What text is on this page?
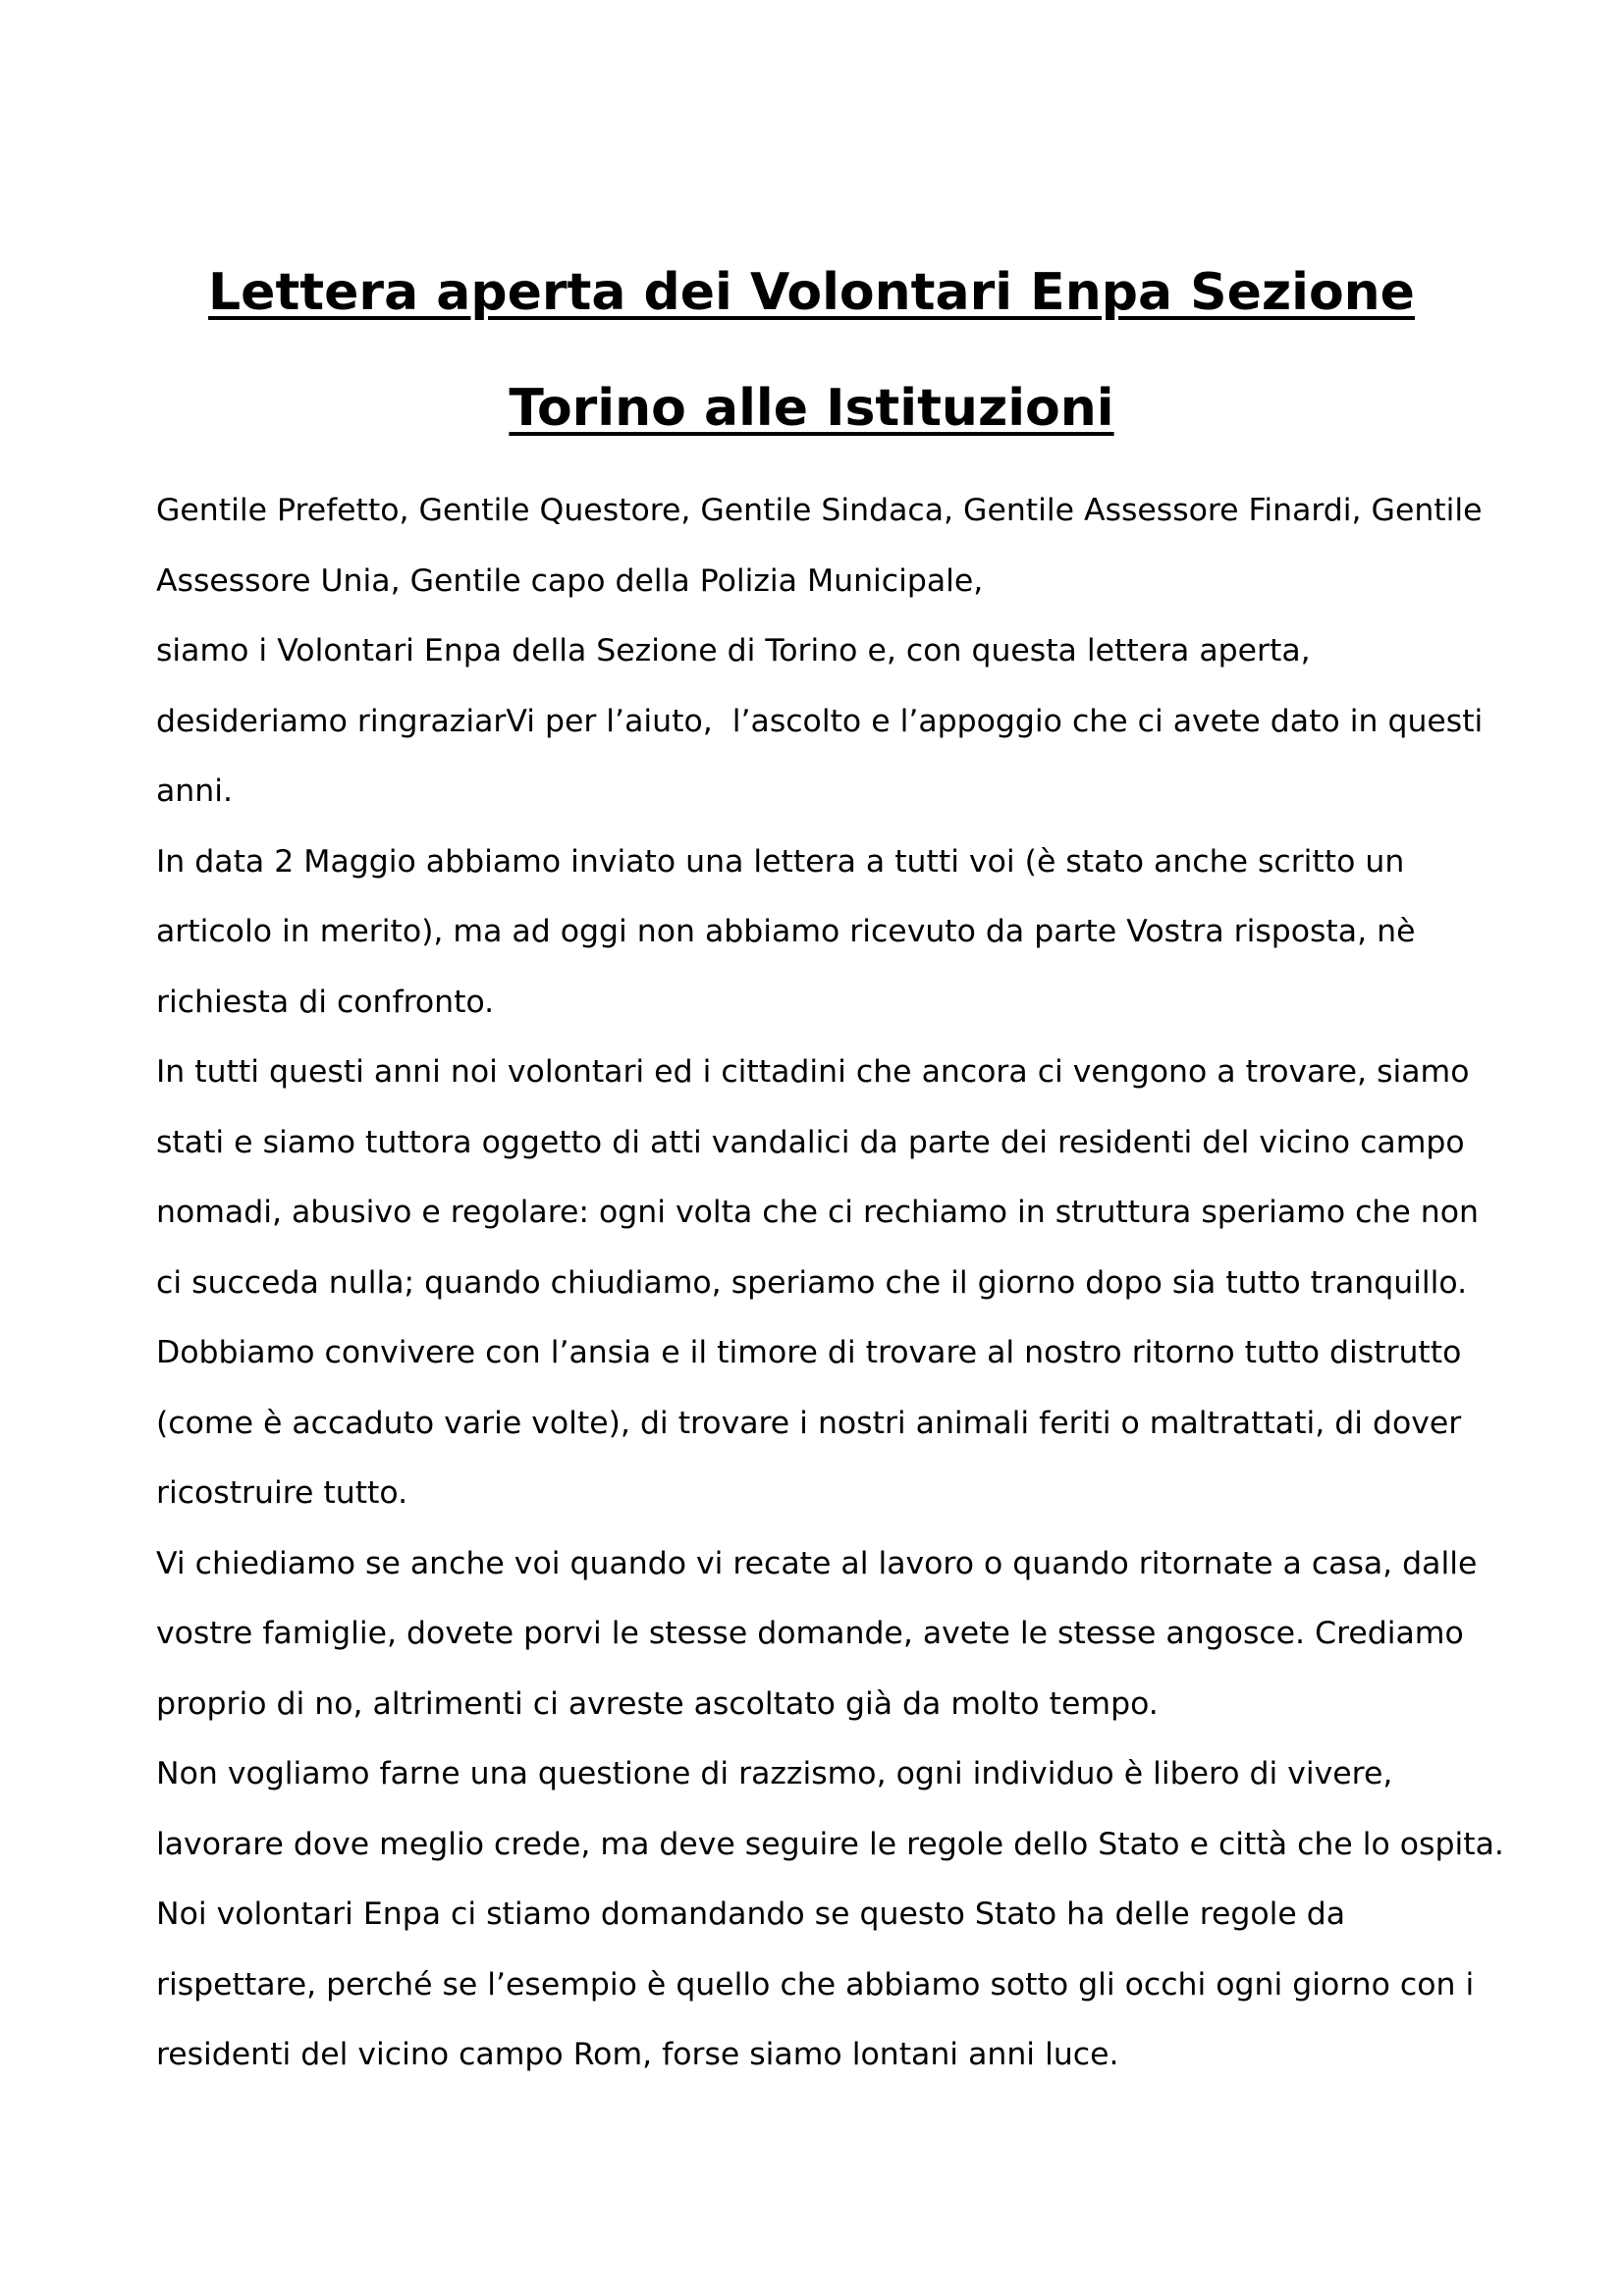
Lettera aperta dei Volontari Enpa Sezione
Torino alle Istituzioni
Gentile Prefetto, Gentile Questore, Gentile Sindaca, Gentile Assessore Finardi, Gentile
Assessore Unia, Gentile capo della Polizia Municipale,
siamo i Volontari Enpa della Sezione di Torino e, con questa lettera aperta,
desideriamo ringraziarVi per l’aiuto,  l’ascolto e l’appoggio che ci avete dato in questi
anni.
In data 2 Maggio abbiamo inviato una lettera a tutti voi (è stato anche scritto un
articolo in merito), ma ad oggi non abbiamo ricevuto da parte Vostra risposta, nè
richiesta di confronto.
In tutti questi anni noi volontari ed i cittadini che ancora ci vengono a trovare, siamo
stati e siamo tuttora oggetto di atti vandalici da parte dei residenti del vicino campo
nomadi, abusivo e regolare: ogni volta che ci rechiamo in struttura speriamo che non
ci succeda nulla; quando chiudiamo, speriamo che il giorno dopo sia tutto tranquillo.
Dobbiamo convivere con l’ansia e il timore di trovare al nostro ritorno tutto distrutto
(come è accaduto varie volte), di trovare i nostri animali feriti o maltrattati, di dover
ricostruire tutto.
Vi chiediamo se anche voi quando vi recate al lavoro o quando ritornate a casa, dalle
vostre famiglie, dovete porvi le stesse domande, avete le stesse angosce. Crediamo
proprio di no, altrimenti ci avreste ascoltato già da molto tempo.
Non vogliamo farne una questione di razzismo, ogni individuo è libero di vivere,
lavorare dove meglio crede, ma deve seguire le regole dello Stato e città che lo ospita.
Noi volontari Enpa ci stiamo domandando se questo Stato ha delle regole da
rispettare, perché se l’esempio è quello che abbiamo sotto gli occhi ogni giorno con i
residenti del vicino campo Rom, forse siamo lontani anni luce.
